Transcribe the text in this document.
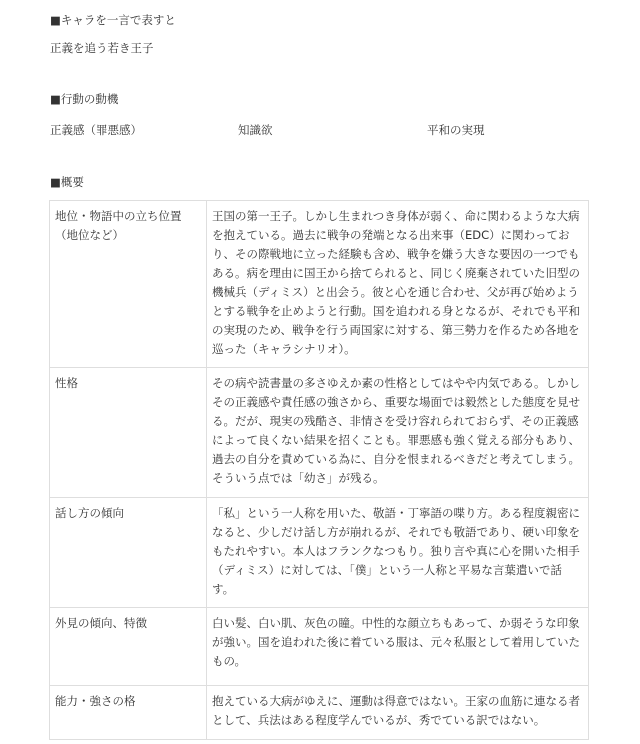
■キャラを一言で表すと
正義を追う若き王子
■行動の動機
正義感（罪悪感）	知識欲	平和の実現
■概要
地位・物語中の立ち位置（地位など）	王国の第一王子。しかし生まれつき身体が弱く、命に関わるような大病を抱えている。過去に戦争の発端となる出来事（EDC）に関わっており、その際戦地に立った経験も含め、戦争を嫌う大きな要因の一つでもある。病を理由に国王から捨てられると、同じく廃棄されていた旧型の機械兵（ディミス）と出会う。彼と心を通じ合わせ、父が再び始めようとする戦争を止めようと行動。国を追われる身となるが、それでも平和の実現のため、戦争を行う両国家に対する、第三勢力を作るため各地を巡った（キャラシナリオ）。
性格	その病や読書量の多さゆえか素の性格としてはやや内気である。しかしその正義感や責任感の強さから、重要な場面では毅然とした態度を見せる。だが、現実の残酷さ、非情さを受け容れられておらず、その正義感によって良くない結果を招くことも。罪悪感も強く覚える部分もあり、過去の自分を責めている為に、自分を恨まれるべきだと考えてしまう。そういう点では「幼さ」が残る。
話し方の傾向	「私」という一人称を用いた、敬語・丁寧語の喋り方。ある程度親密になると、少しだけ話し方が崩れるが、それでも敬語であり、硬い印象をもたれやすい。本人はフランクなつもり。独り言や真に心を開いた相手（ディミス）に対しては、「僕」という一人称と平易な言葉遣いで話す。
外見の傾向、特徴	白い髪、白い肌、灰色の瞳。中性的な顔立ちもあって、か弱そうな印象が強い。国を追われた後に着ている服は、元々私服として着用していたもの。
能力・強さの格	抱えている大病がゆえに、運動は得意ではない。王家の血筋に連なる者として、兵法はある程度学んでいるが、秀でている訳ではない。
